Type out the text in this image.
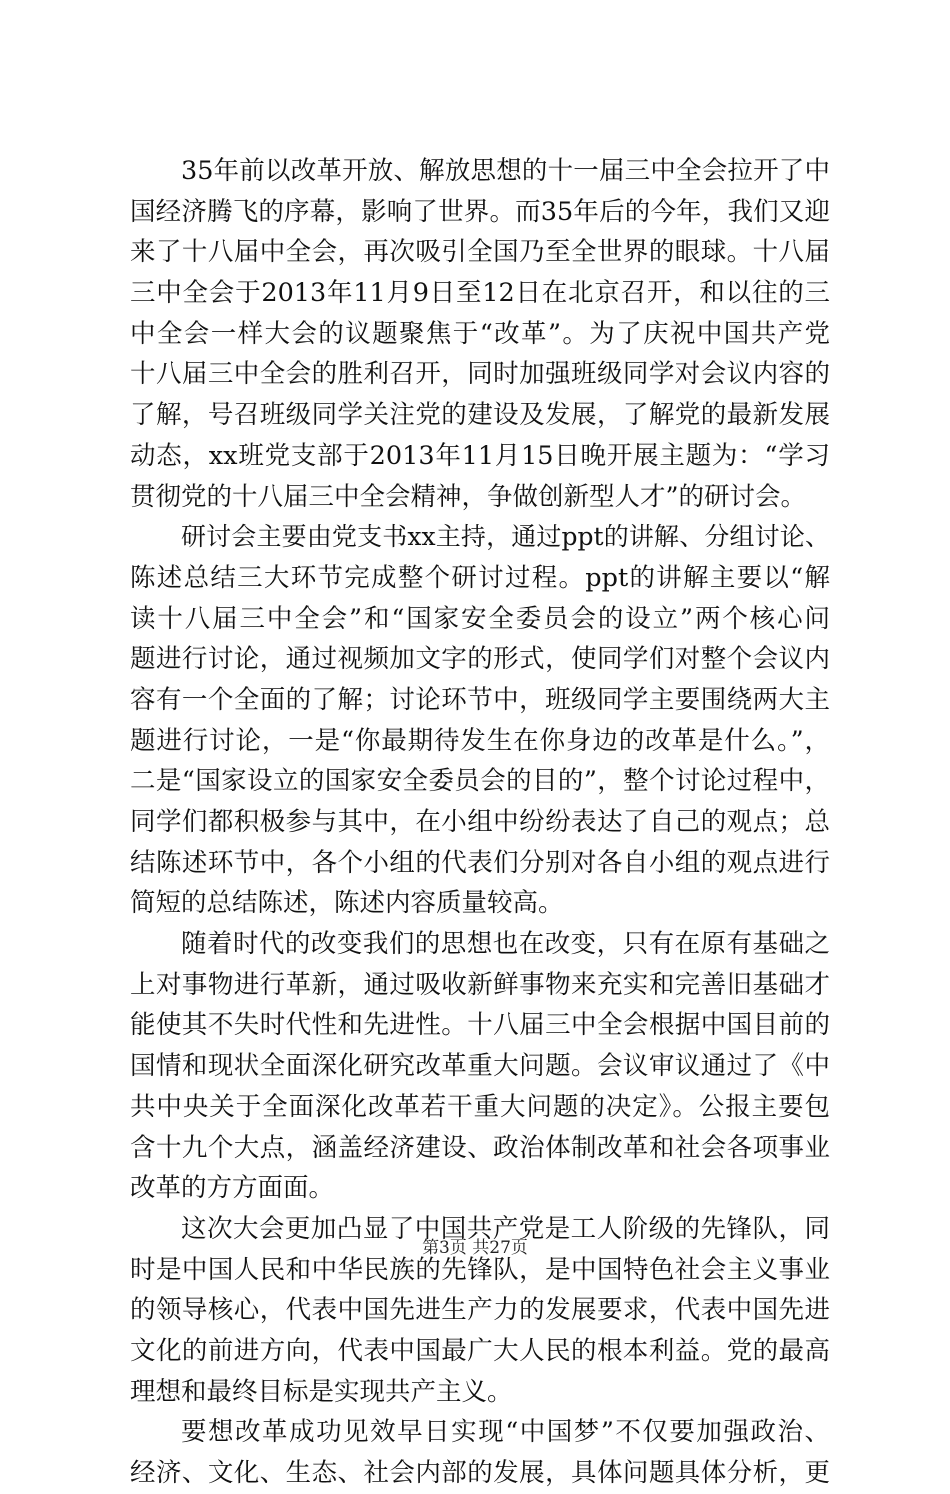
35年前以改革开放、解放思想的十一届三中全会拉开了中
国经济腾飞的序幕，影响了世界。而35年后的今年，我们又迎
来了十八届中全会，再次吸引全国乃至全世界的眼球。十八届
三中全会于2013年11月9日至12日在北京召开，和以往的三
中全会一样大会的议题聚焦于“改革”。为了庆祝中国共产党
十八届三中全会的胜利召开，同时加强班级同学对会议内容的
了解，号召班级同学关注党的建设及发展，了解党的最新发展
动态，xx班党支部于2013年11月15日晚开展主题为：“学习
贯彻党的十八届三中全会精神，争做创新型人才”的研讨会。
研讨会主要由党支书xx主持，通过ppt的讲解、分组讨论、
陈述总结三大环节完成整个研讨过程。ppt的讲解主要以“解
读十八届三中全会”和“国家安全委员会的设立”两个核心问
题进行讨论，通过视频加文字的形式，使同学们对整个会议内
容有一个全面的了解；讨论环节中，班级同学主要围绕两大主
题进行讨论，一是“你最期待发生在你身边的改革是什么。”，
二是“国家设立的国家安全委员会的目的”，整个讨论过程中，
同学们都积极参与其中，在小组中纷纷表达了自己的观点；总
结陈述环节中，各个小组的代表们分别对各自小组的观点进行
简短的总结陈述，陈述内容质量较高。
随着时代的改变我们的思想也在改变，只有在原有基础之
上对事物进行革新，通过吸收新鲜事物来充实和完善旧基础才
能使其不失时代性和先进性。十八届三中全会根据中国目前的
国情和现状全面深化研究改革重大问题。会议审议通过了《中
共中央关于全面深化改革若干重大问题的决定》。公报主要包
含十九个大点，涵盖经济建设、政治体制改革和社会各项事业
改革的方方面面。
这次大会更加凸显了中国共产党是工人阶级的先锋队，同
时是中国人民和中华民族的先锋队，是中国特色社会主义事业
的领导核心，代表中国先进生产力的发展要求，代表中国先进
文化的前进方向，代表中国最广大人民的根本利益。党的最高
理想和最终目标是实现共产主义。
要想改革成功见效早日实现“中国梦”不仅要加强政治、
经济、文化、生态、社会内部的发展，具体问题具体分析，更
第3页 共27页
